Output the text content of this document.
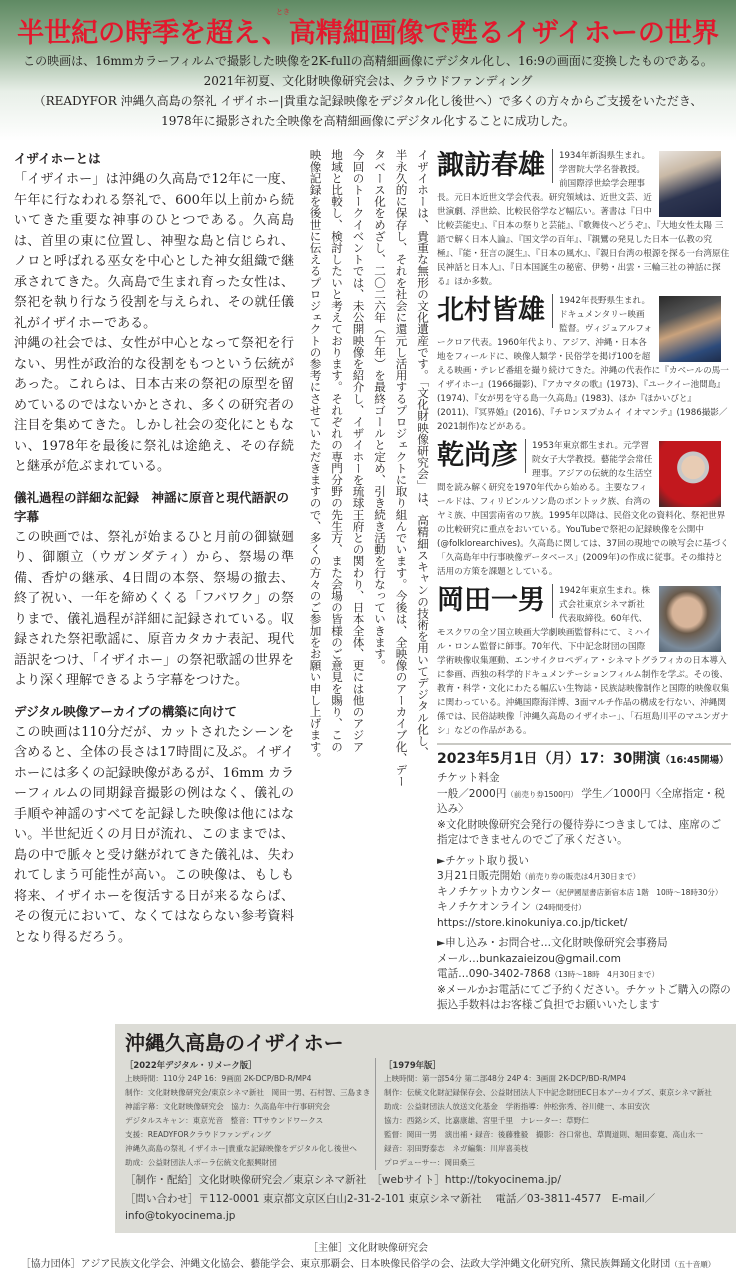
とき
半世紀の時季を超え、高精細画像で甦るイザイホーの世界

この映画は、16mmカラーフィルムで撮影した映像を2K-fullの高精細画像にデジタル化し、16:9の画面に変換したものである。

2021年初夏、文化財映像研究会は、クラウドファンディング

（READYFOR 沖縄久高島の祭礼 イザイホー|貴重な記録映像をデジタル化し後世へ）で多くの方々からご支援をいただき、

1978年に撮影された全映像を高精細画像にデジタル化することに成功した。

イザイホーとは

「イザイホー」は沖縄の久高島で12年に一度、午年に行なわれる祭礼で、600年以上前から続いてきた重要な神事のひとつである。久高島は、首里の東に位置し、神聖な島と信じられ、ノロと呼ばれる巫女を中心とした神女組織で継承されてきた。久高島で生まれ育った女性は、祭祀を執り行なう役割を与えられ、その就任儀礼がイザイホーである。

沖縄の社会では、女性が中心となって祭祀を行ない、男性が政治的な役割をもつという伝統があった。これらは、日本古来の祭祀の原型を留めているのではないかとされ、多くの研究者の注目を集めてきた。しかし社会の変化にともない、1978年を最後に祭礼は途絶え、その存続と継承が危ぶまれている。

儀礼過程の詳細な記録　神謡に原音と現代語訳の字幕

この映画では、祭礼が始まるひと月前の御嶽廻り、御願立（ウガンダティ）から、祭場の準備、香炉の継承、4日間の本祭、祭場の撤去、終了祝い、一年を締めくくる「フバワク」の祭りまで、儀礼過程が詳細に記録されている。収録された祭祀歌謡に、原音カタカナ表記、現代語訳をつけ、「イザイホー」の祭祀歌謡の世界をより深く理解できるよう字幕をつけた。

デジタル映像アーカイブの構築に向けて

この映画は110分だが、カットされたシーンを含めると、全体の長さは17時間に及ぶ。イザイホーには多くの記録映像があるが、16mm カラーフィルムの同期録音撮影の例はなく、儀礼の手順や神謡のすべてを記録した映像は他にはない。半世紀近くの月日が流れ、このままでは、島の中で脈々と受け継がれてきた儀礼は、失われてしまう可能性が高い。この映像は、もしも将来、イザイホーを復活する日が来るならば、その復元において、なくてはならない参考資料となり得るだろう。

イザイホーは、貴重な無形の文化遺産です。「文化財映像研究会」は、高精細スキャンの技術を用いてデジタル化し、
半永久的に保存し、それを社会に還元し活用するプロジェクトに取り組んでいます。今後は、全映像のアーカイブ化、デー
タベース化をめざし、二〇二六年（午年）を最終ゴールと定め、引き続き活動を行なっていきます。
今回のトークイベントでは、未公開映像を紹介し、イザイホーを琉球王府との関わり、日本全体、更には他のアジア
地域と比較し、検討したいと考えております。それぞれの専門分野の先生方、また会場の皆様のご意見を賜り、この
映像記録を後世に伝えるプロジェクトの参考にさせていただきますので、多くの方々のご参加をお願い申し上げます。	諏訪春雄	1934年新潟県生まれ。学習院大学名誉教授。前国際浮世絵学会理事長。元日本近世文学会代表。研究領域は、近世文芸、近世演劇、浮世絵、比較民俗学など幅広い。著書は『日中比較芸能史』、『日本の祭りと芸能』、『歌舞伎へどうぞ』、『大地女性太陽 三語で解く日本人論』、『国文学の百年』、『親鸞の発見した日本一仏教の究極』、『能・狂言の誕生』、『日本の風水』、『親日台湾の根源を探る一台湾原住民神話と日本人』、『日本国誕生の秘密、伊勢・出雲・三輪三社の神話に探る』ほか多数。
北村皆雄	1942年長野県生まれ。ドキュメンタリー映画監督。ヴィジュアルフォークロア代表。1960年代より、アジア、沖縄・日本各地をフィールドに、映像人類学・民俗学を掲げ100を超える映画・テレビ番組を撮り続けてきた。沖縄の代表作に『カベールの馬一イザイホー』(1966撮影)、『アカマタの歌』(1973)、『ユークイー池間島』(1974)、『女が男を守る島一久高島』(1983)、ほか『ほかいびと』(2011)、『冥界婚』(2016)、『チロンヌプカムイ イオマンテ』(1986撮影／2021制作)などがある。
乾尚彦	1953年東京都生まれ。元学習院女子大学教授。藝能学会常任理事。アジアの伝統的な生活空間を読み解く研究を1970年代から始める。主要なフィールドは、フィリピンルソン島のボントック族、台湾のヤミ族、中国雲南省のワ族。1995年以降は、民俗文化の資料化、祭祀世界の比較研究に重点をおいている。YouTubeで祭祀の記録映像を公開中(@folklorearchives)。久高島に関しては、37回の現地での映写会に基づく「久高島年中行事映像データベース」(2009年)の作成に従事。その維持と活用の方策を課題としている。
岡田一男	1942年東京生まれ。株式会社東京シネマ新社代表取締役。60年代、モスクワの全ソ国立映画大学劇映画監督科にて、ミハイル・ロンム監督に師事。70年代、下中記念財団の国際学術映像収集運動、エンサイクロペディア・シネマトグラフィカの日本導入に参画、西独の科学的ドキュメンテーションフィルム制作を学ぶ。その後、教育・科学・文化にわたる幅広い生物誌・民族誌映像制作と国際的映像収集に関わっている。沖縄国際海洋博、3面マルチ作品の構成を行ない、沖縄関係では、民俗誌映像「沖縄久高島のイザイホー」、「石垣島川平のマユンガナシ」などの作品がある。
2023年5月1日（月）17：30開演（16:45開場）
チケット料金
一般／2000円（前売り券1500円） 学生／1000円〈全席指定・税込み〉
※文化財映像研究会発行の優待券につきましては、座席のご指定はできませんのでご了承ください。
►チケット取り扱い
3月21日販売開始（前売り券の販売は4月30日まで）
キノチケットカウンター（紀伊國屋書店新宿本店 1階　10時～18時30分）
キノチケオンライン（24時間受付）
https://store.kinokuniya.co.jp/ticket/
►申し込み・お問合せ…文化財映像研究会事務局
メール…bunkazaieizou@gmail.com
電話…090-3402-7868（13時～18時　4月30日まで）
※メールかお電話にてご予約ください。チケットご購入の際の振込手数料はお客様ご負担でお願いいたします
沖縄久高島のイザイホー
［2022年デジタル・リメーク版］
上映時間：110分 24P 16：9画面 2K-DCP/BD-R/MP4
制作：文化財映像研究会/東京シネマ新社　岡田一男、石村智、三島まき
神謡字幕：文化財映像研究会　協力：久高島年中行事研究会
デジタルスキャン：東京光音　整音：TTサウンドワークス
支援：READYFORクラウドファンディング
沖縄久高島の祭礼 イザイホー|貴重な記録映像をデジタル化し後世へ
助成：公益財団法人ポーラ伝統文化振興財団
［1979年版］
上映時間：第一部54分 第二部48分 24P 4：3画面 2K-DCP/BD-R/MP4
制作：伝統文化財記録保存会、公益財団法人下中記念財団EC日本アーカイブズ、東京シネマ新社
助成：公益財団法人放送文化基金　学術指導：仲松弥秀、谷川健一、本田安次
協力：西銘シズ、比嘉康雄、宮里千里　ナレーター：草野仁
監督：岡田一男　演出補・録音：後藤雅毅　撮影：谷口常也、草間道則、堀田泰寛、高山永一
録音：羽田野泰志　ネガ編集：川岸喜美枝
プロデューサー：岡田桑三
［制作・配給］文化財映像研究会／東京シネマ新社　［webサイト］http://tokyocinema.jp/
［問い合わせ］〒112-0001 東京都文京区白山2-31-2-101 東京シネマ新社　 電話／03-3811-4577　E-mail／info@tokyocinema.jp
［主催］文化財映像研究会
［協力団体］アジア民族文化学会、沖縄文化協会、藝能学会、東京那覇会、日本映像民俗学の会、法政大学沖縄文化研究所、黛民族舞踊文化財団（五十音順）
